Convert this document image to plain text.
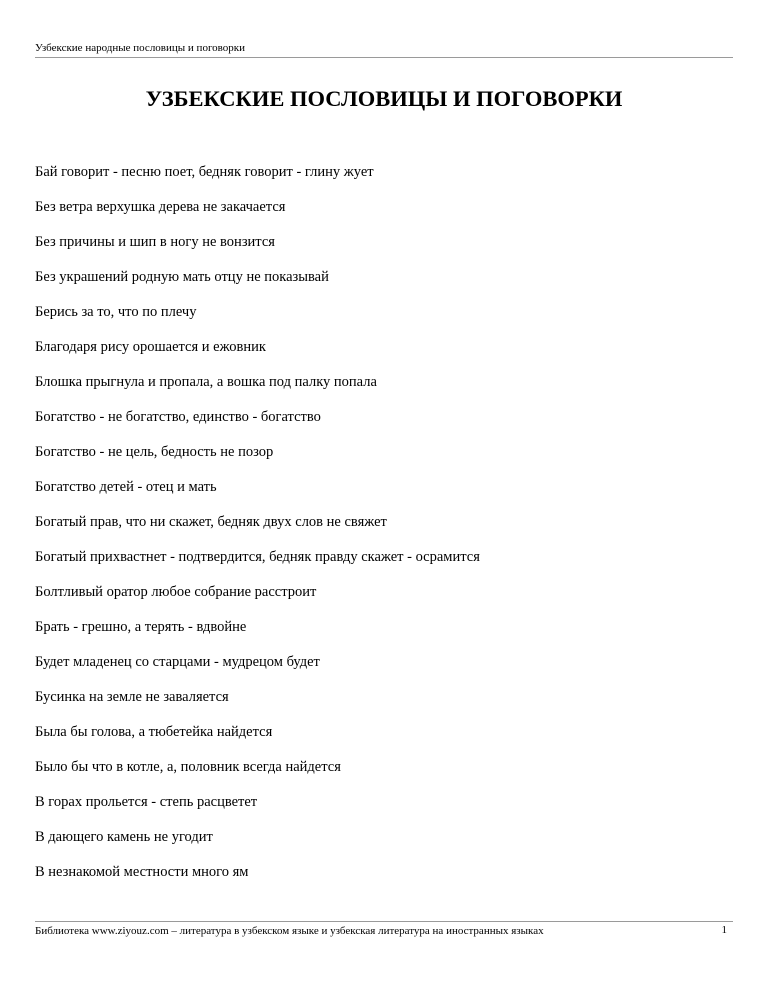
Узбекские народные пословицы и поговорки
УЗБЕКСКИЕ ПОСЛОВИЦЫ И ПОГОВОРКИ
Бай говорит - песню поет, бедняк говорит - глину жует
Без ветра верхушка дерева не закачается
Без причины и шип в ногу не вонзится
Без украшений родную мать отцу не показывай
Берись за то, что по плечу
Благодаря рису орошается и ежовник
Блошка прыгнула и пропала, а вошка под палку попала
Богатство - не богатство, единство - богатство
Богатство - не цель, бедность не позор
Богатство детей - отец и мать
Богатый прав, что ни скажет, бедняк двух слов не свяжет
Богатый прихвастнет - подтвердится, бедняк правду скажет - осрамится
Болтливый оратор любое собрание расстроит
Брать - грешно, а терять - вдвойне
Будет младенец со старцами - мудрецом будет
Бусинка на земле не заваляется
Была бы голова, а тюбетейка найдется
Было бы что в котле, а, половник всегда найдется
В горах прольется - степь расцветет
В дающего камень не угодит
В незнакомой местности много ям
Библиотека www.ziyouz.com – литература в узбекском языке и узбекская литература на иностранных языках	1
